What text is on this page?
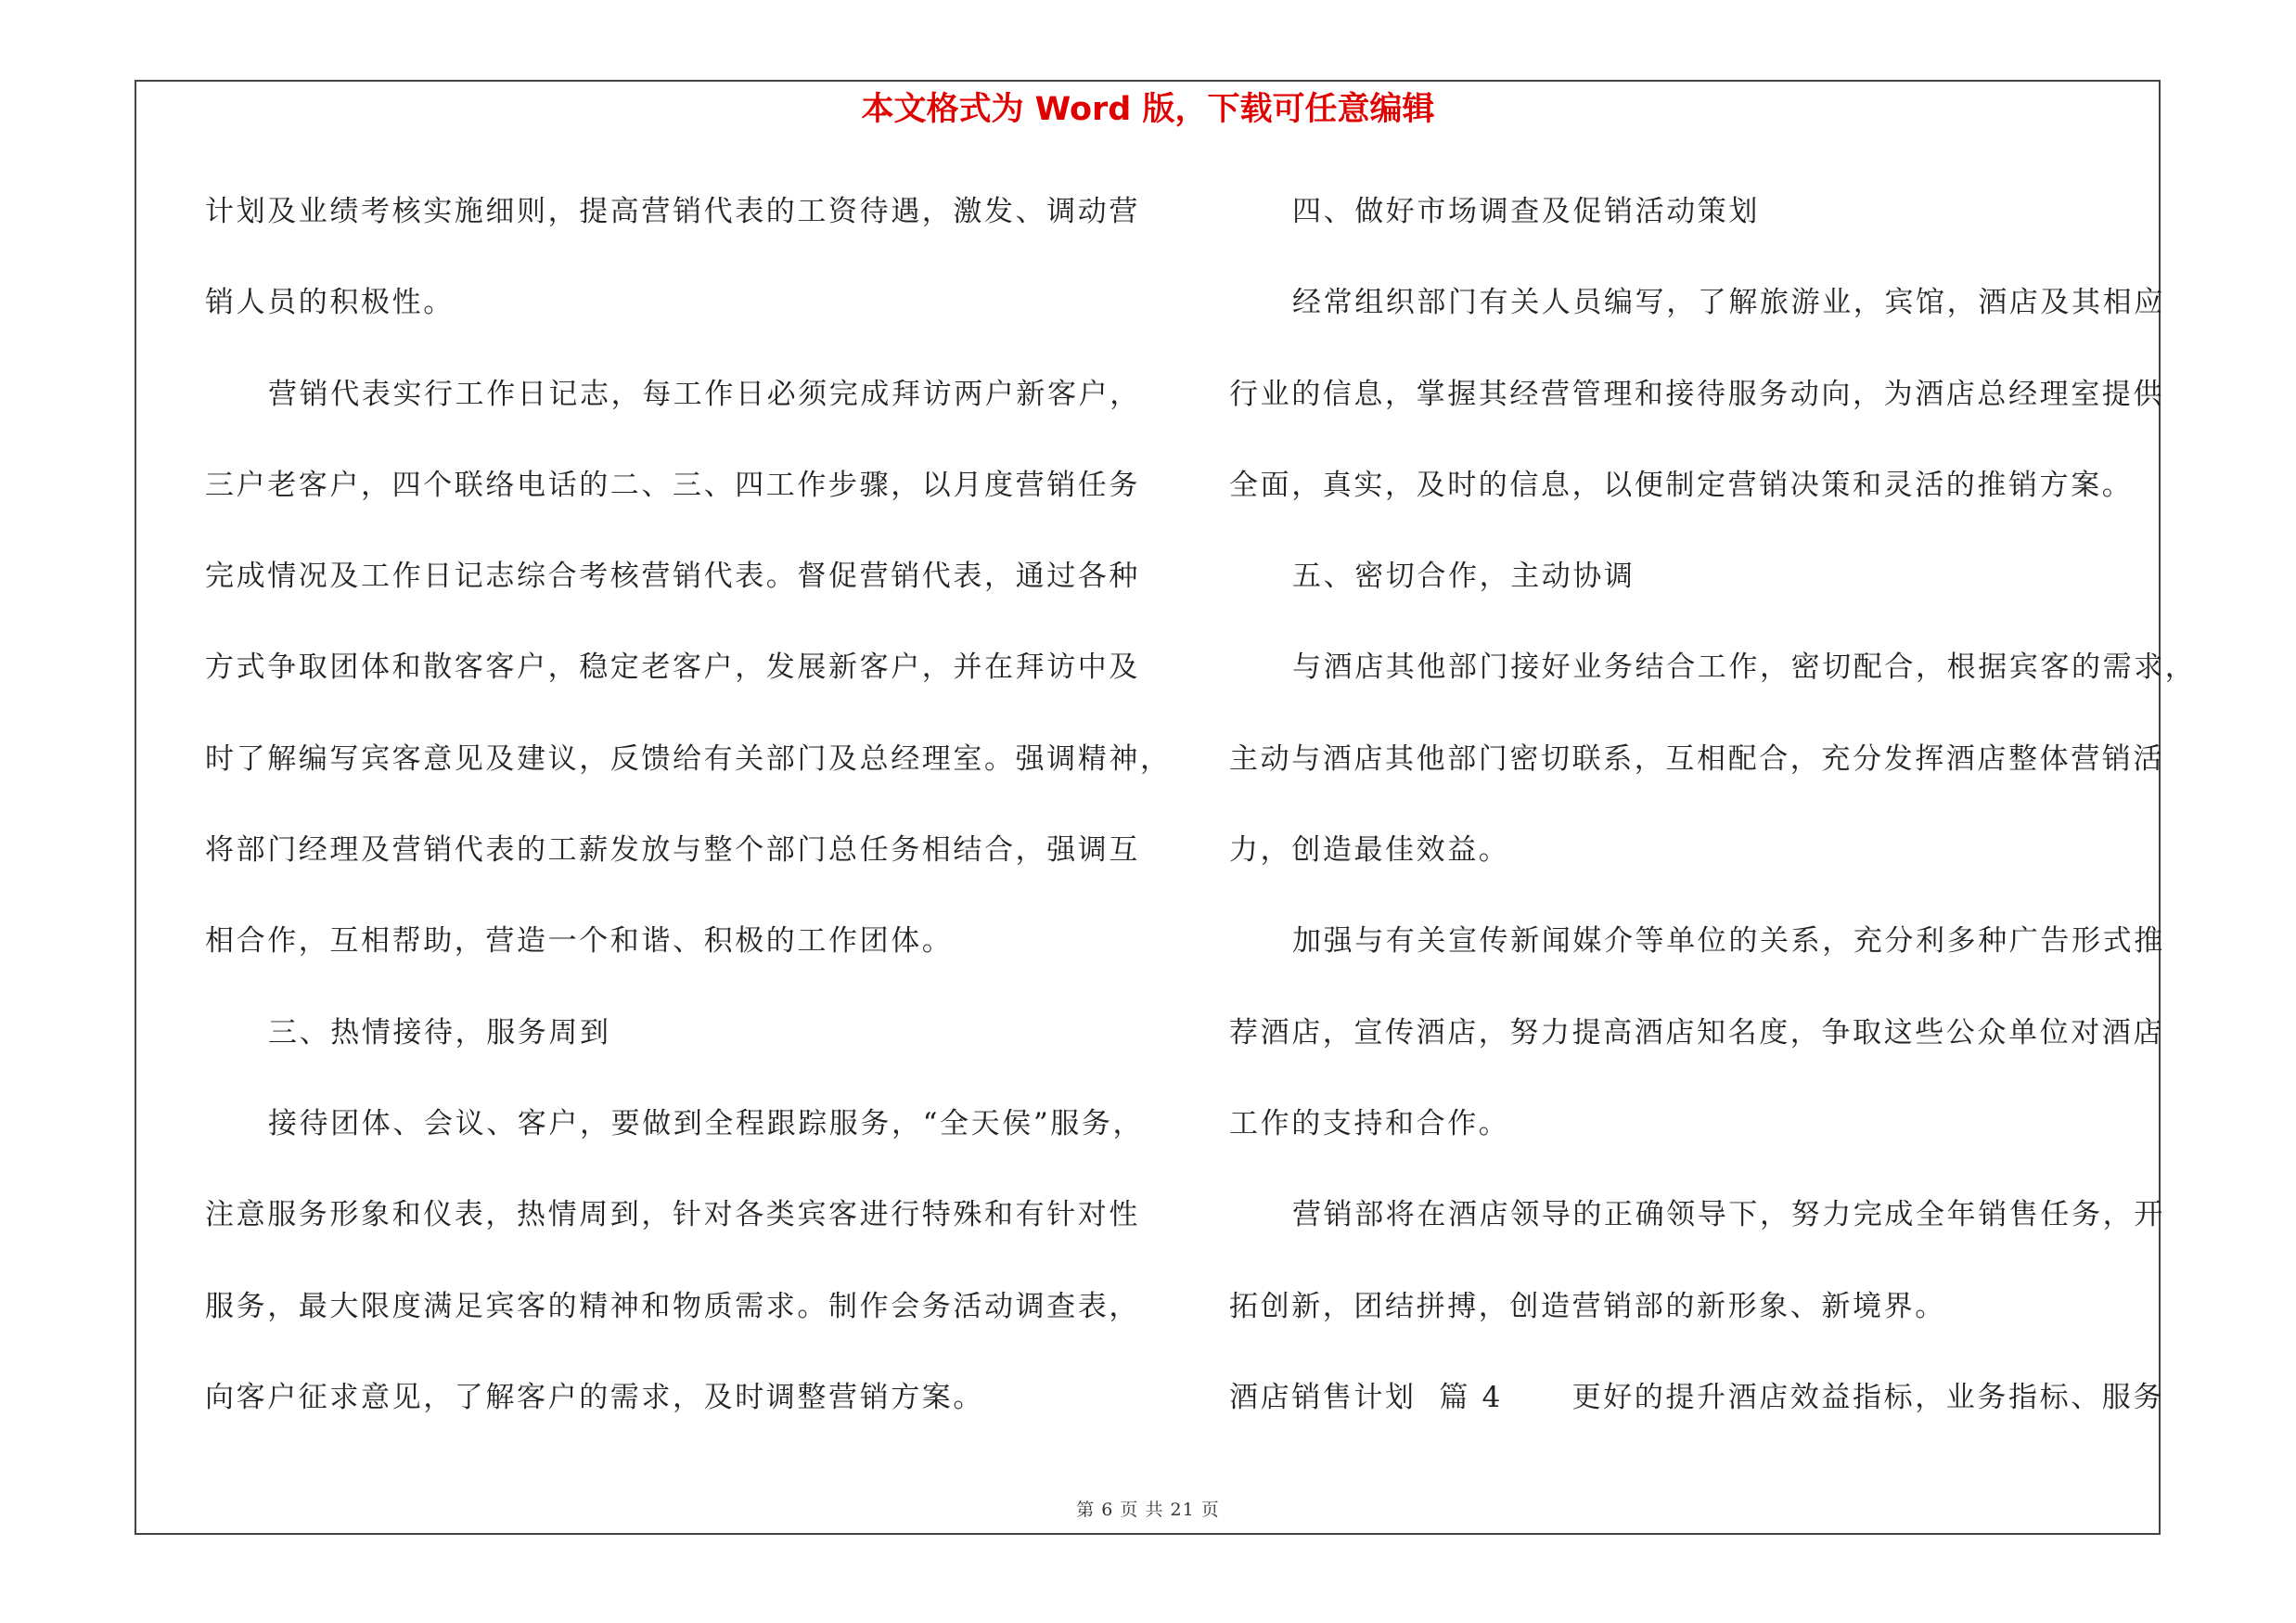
本文格式为 Word 版，下载可任意编辑
计划及业绩考核实施细则，提高营销代表的工资待遇，激发、调动营
销人员的积极性。
营销代表实行工作日记志，每工作日必须完成拜访两户新客户，
三户老客户，四个联络电话的二、三、四工作步骤，以月度营销任务
完成情况及工作日记志综合考核营销代表。督促营销代表，通过各种
方式争取团体和散客客户，稳定老客户，发展新客户，并在拜访中及
时了解编写宾客意见及建议，反馈给有关部门及总经理室。强调精神，
将部门经理及营销代表的工薪发放与整个部门总任务相结合，强调互
相合作，互相帮助，营造一个和谐、积极的工作团体。
三、热情接待，服务周到
接待团体、会议、客户，要做到全程跟踪服务，“全天侯”服务，
注意服务形象和仪表，热情周到，针对各类宾客进行特殊和有针对性
服务，最大限度满足宾客的精神和物质需求。制作会务活动调查表，
向客户征求意见，了解客户的需求，及时调整营销方案。
四、做好市场调查及促销活动策划
经常组织部门有关人员编写，了解旅游业，宾馆，酒店及其相应
行业的信息，掌握其经营管理和接待服务动向，为酒店总经理室提供
全面，真实，及时的信息，以便制定营销决策和灵活的推销方案。
五、密切合作，主动协调
与酒店其他部门接好业务结合工作，密切配合，根据宾客的需求，
主动与酒店其他部门密切联系，互相配合，充分发挥酒店整体营销活
力，创造最佳效益。
加强与有关宣传新闻媒介等单位的关系，充分利多种广告形式推
荐酒店，宣传酒店，努力提高酒店知名度，争取这些公众单位对酒店
工作的支持和合作。
营销部将在酒店领导的正确领导下，努力完成全年销售任务，开
拓创新，团结拼搏，创造营销部的新形象、新境界。
酒店销售计划  篇 4      更好的提升酒店效益指标，业务指标、服务
第 6 页 共 21 页
